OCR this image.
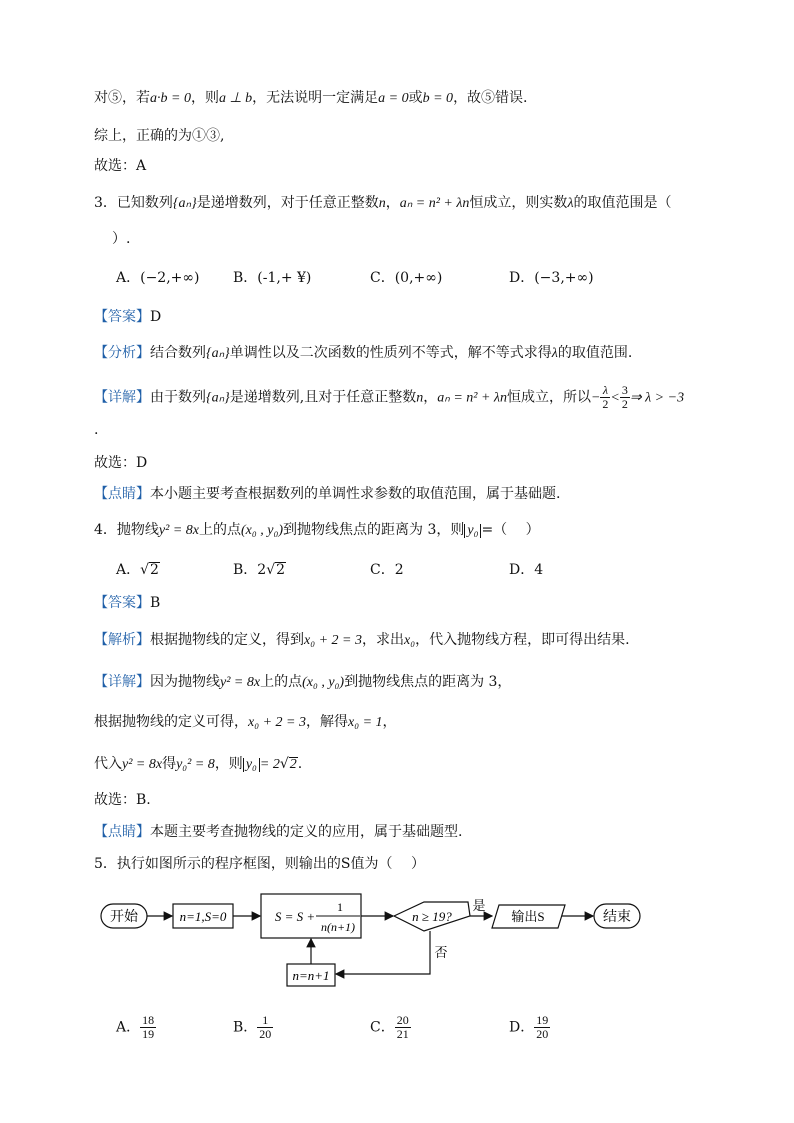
对⑤，若a·b = 0，则a ⊥ b，无法说明一定满足a = 0或b = 0，故⑤错误.
综上，正确的为①③,
故选：A
3．已知数列{aₙ}是递增数列，对于任意正整数n，aₙ = n² + λn恒成立，则实数λ的取值范围是（
）.
A．(−2,+∞) B．(-1,+ ¥)	C．(0,+∞)	D．(−3,+∞)
【答案】D
【分析】结合数列{aₙ}单调性以及二次函数的性质列不等式，解不等式求得λ的取值范围.
【详解】由于数列{aₙ}是递增数列,且对于任意正整数n，aₙ = n² + λn恒成立，所以− $\frac{\lambda}{2} < \frac{3}{2}$ ⇒ λ > −3
.
故选：D
【点睛】本小题主要考查根据数列的单调性求参数的取值范围，属于基础题.
4．抛物线y² = 8x上的点(x₀ , y₀)到抛物线焦点的距离为 3，则 y₀ =（　 ）
A．√2	B．2√2	C．2	D．4
【答案】B
【解析】根据抛物线的定义，得到x₀ + 2 = 3，求出x₀，代入抛物线方程，即可得出结果.
【详解】因为抛物线y² = 8x上的点(x₀ , y₀)到抛物线焦点的距离为 3，
根据抛物线的定义可得，x₀ + 2 = 3，解得x₀ = 1，
代入y² = 8x得y₀² = 8，则 y₀ = 2√2.
故选：B.
【点睛】本题主要考查抛物线的定义的应用，属于基础题型.
5．执行如图所示的程序框图，则输出的S值为（　 ）
开始	n=1,S=0	S = S +
1
n(n+1)
n ≥ 19?
是
输出S	结束
否
n=n+1
A． $\frac{18}{19}$	B． $\frac{1}{20}$	C． $\frac{20}{21}$	D． $\frac{19}{20}$
